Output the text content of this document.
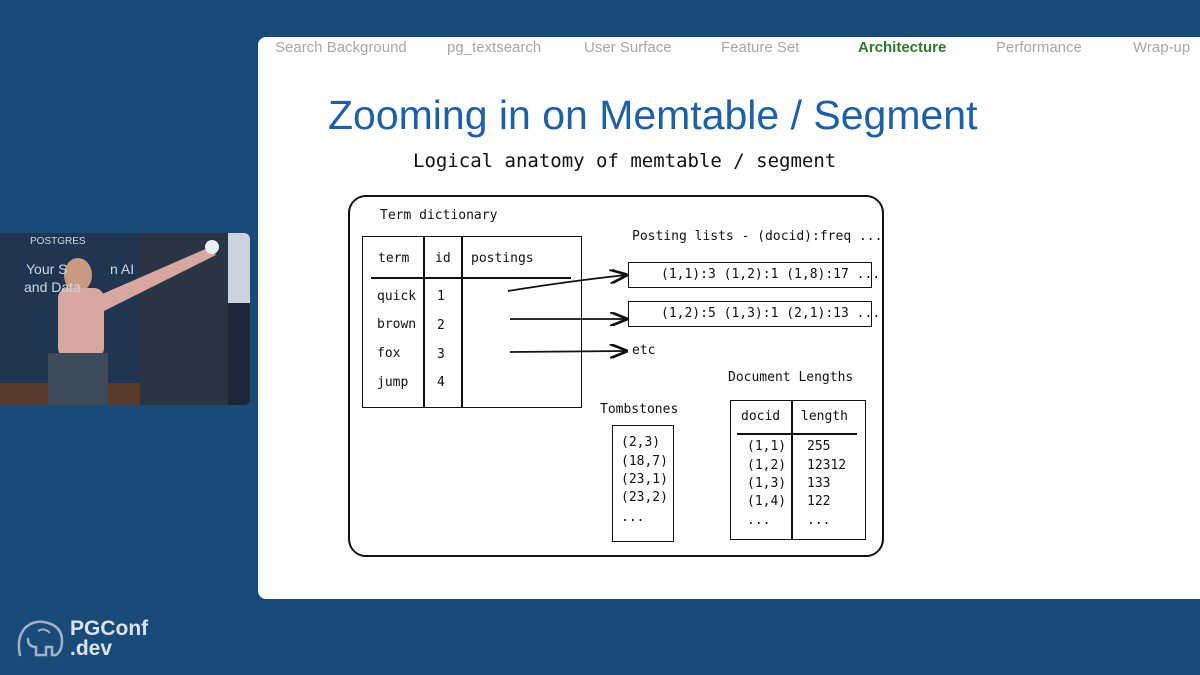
POSTGRES
Your S	n AI
and Data
Search Background	pg_textsearch	User Surface	Feature Set	Architecture	Performance	Wrap-up
Zooming in on Memtable / Segment
Logical anatomy of memtable / segment
Term dictionary
term id postings
quick 1
brown 2
fox	3
jump 4
Posting lists - (docid):freq ...
(1,1):3 (1,2):1 (1,8):17 ...
(1,2):5 (1,3):1 (2,1):13 ...
etc
Tombstones
(2,3)
(18,7)
(23,1)
(23,2)
...
Document Lengths
docid length
(1,1) 255
(1,2) 12312
(1,3) 133
(1,4) 122
...	...
PGConf
.dev
